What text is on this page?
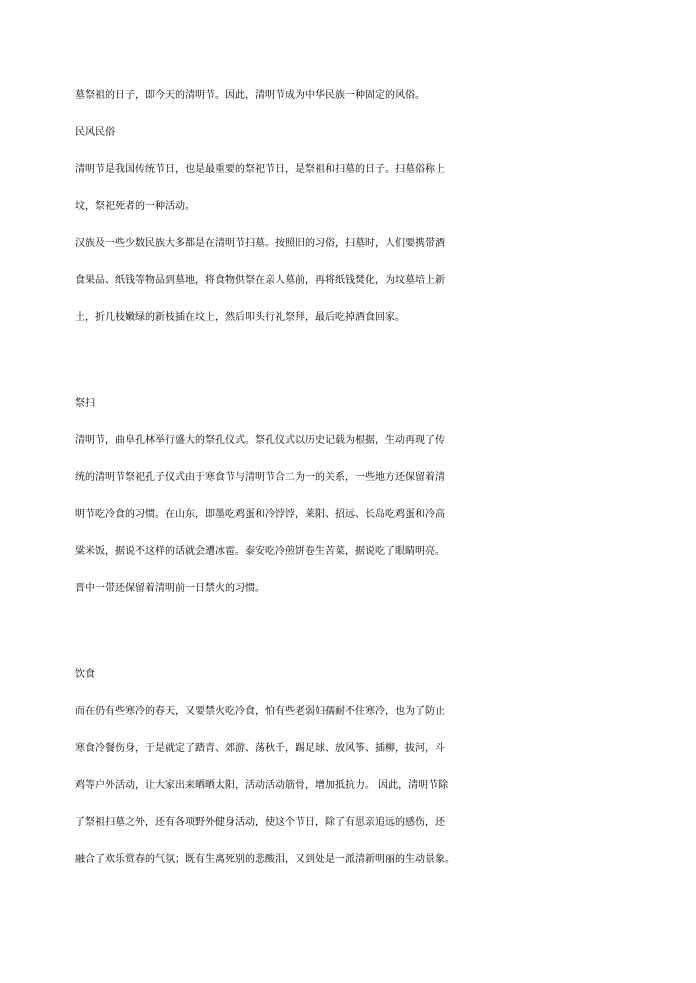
墓祭祖的日子，即今天的清明节。因此，清明节成为中华民族一种固定的风俗。
民风民俗
清明节是我国传统节日，也是最重要的祭祀节日，是祭祖和扫墓的日子。扫墓俗称上
坟，祭祀死者的一种活动。
汉族及一些少数民族大多都是在清明节扫墓。按照旧的习俗，扫墓时，人们要携带酒
食果品、纸钱等物品到墓地，将食物供祭在亲人墓前，再将纸钱焚化，为坟墓培上新
土，折几枝嫩绿的新枝插在坟上，然后叩头行礼祭拜，最后吃掉酒食回家。
祭扫
清明节，曲阜孔林举行盛大的祭孔仪式。祭孔仪式以历史记载为根据，生动再现了传
统的清明节祭祀孔子仪式由于寒食节与清明节合二为一的关系，一些地方还保留着清
明节吃冷食的习惯。在山东，即墨吃鸡蛋和冷饽饽，莱阳、招远、长岛吃鸡蛋和冷高
粱米饭，据说不这样的话就会遭冰雹。泰安吃冷煎饼卷生苦菜，据说吃了眼睛明亮。
晋中一带还保留着清明前一日禁火的习惯。
饮食
而在仍有些寒冷的春天，又要禁火吃冷食，怕有些老弱妇孺耐不住寒冷，也为了防止
寒食冷餐伤身，于是就定了踏青、郊游、荡秋千，踢足球、放风筝、插柳，拔河，斗
鸡等户外活动，让大家出来晒晒太阳，活动活动筋骨，增加抵抗力。 因此，清明节除
了祭祖扫墓之外，还有各项野外健身活动，使这个节日，除了有思亲追远的感伤，还
融合了欢乐赏春的气氛；既有生离死别的悲酸泪，又到处是一派清新明丽的生动景象。
